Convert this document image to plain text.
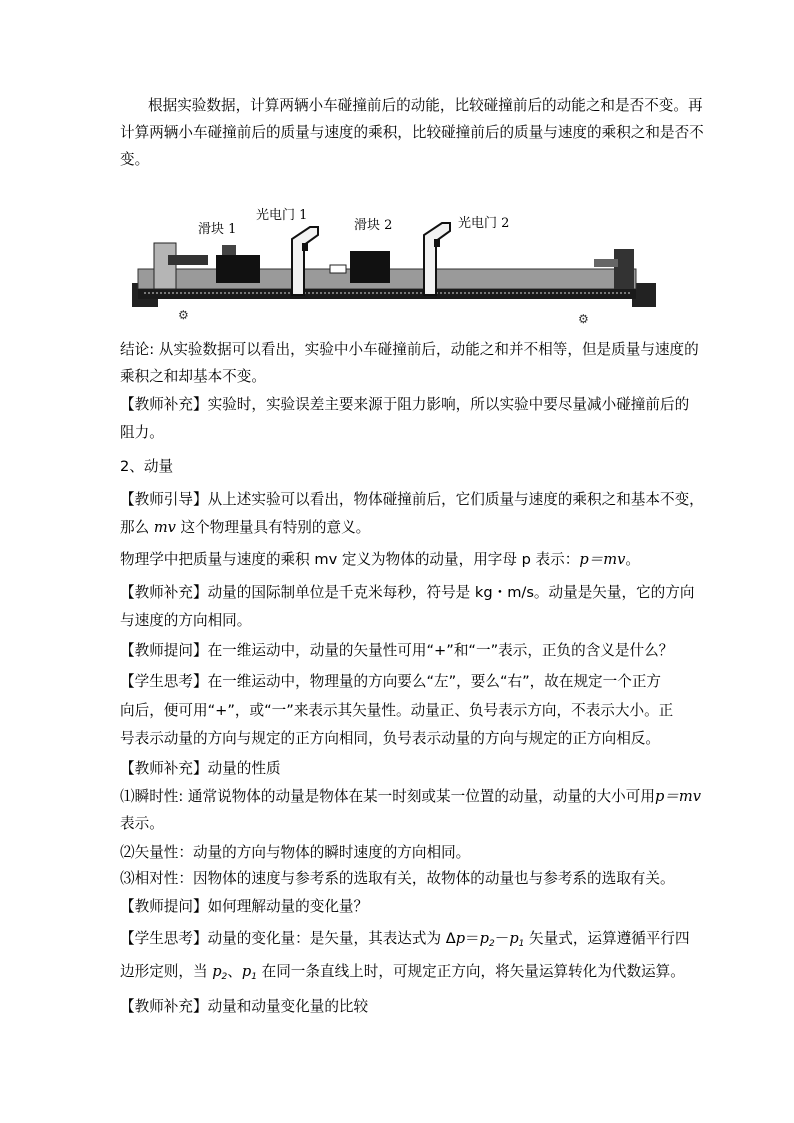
根据实验数据，计算两辆小车碰撞前后的动能，比较碰撞前后的动能之和是否不变。再
计算两辆小车碰撞前后的质量与速度的乘积，比较碰撞前后的质量与速度的乘积之和是否不
变。
⚙	⚙
滑块 1
光电门 1
滑块 2	光电门 2
结论: 从实验数据可以看出，实验中小车碰撞前后，动能之和并不相等，但是质量与速度的
乘积之和却基本不变。
【教师补充】实验时，实验误差主要来源于阻力影响，所以实验中要尽量减小碰撞前后的
阻力。
2、动量
【教师引导】从上述实验可以看出，物体碰撞前后，它们质量与速度的乘积之和基本不变，
那么 mv 这个物理量具有特别的意义。
物理学中把质量与速度的乘积 mv 定义为物体的动量，用字母 p 表示：p＝mv。
【教师补充】动量的国际制单位是千克米每秒，符号是 kg・m/s。动量是矢量，它的方向
与速度的方向相同。
【教师提问】在一维运动中，动量的矢量性可用“+”和“一”表示，正负的含义是什么？
【学生思考】在一维运动中，物理量的方向要么“左”，要么“右”，故在规定一个正方
向后，便可用“+”，或“一”来表示其矢量性。动量正、负号表示方向，不表示大小。正
号表示动量的方向与规定的正方向相同，负号表示动量的方向与规定的正方向相反。
【教师补充】动量的性质
⑴瞬时性: 通常说物体的动量是物体在某一时刻或某一位置的动量，动量的大小可用p＝mv
表示。
⑵矢量性：动量的方向与物体的瞬时速度的方向相同。
⑶相对性：因物体的速度与参考系的选取有关，故物体的动量也与参考系的选取有关。
【教师提问】如何理解动量的变化量？
【学生思考】动量的变化量：是矢量，其表达式为 $\Delta p=p_2-p_1$ 矢量式，运算遵循平行四
边形定则，当 $p_2$、$p_1$ 在同一条直线上时，可规定正方向，将矢量运算转化为代数运算。
【教师补充】动量和动量变化量的比较
